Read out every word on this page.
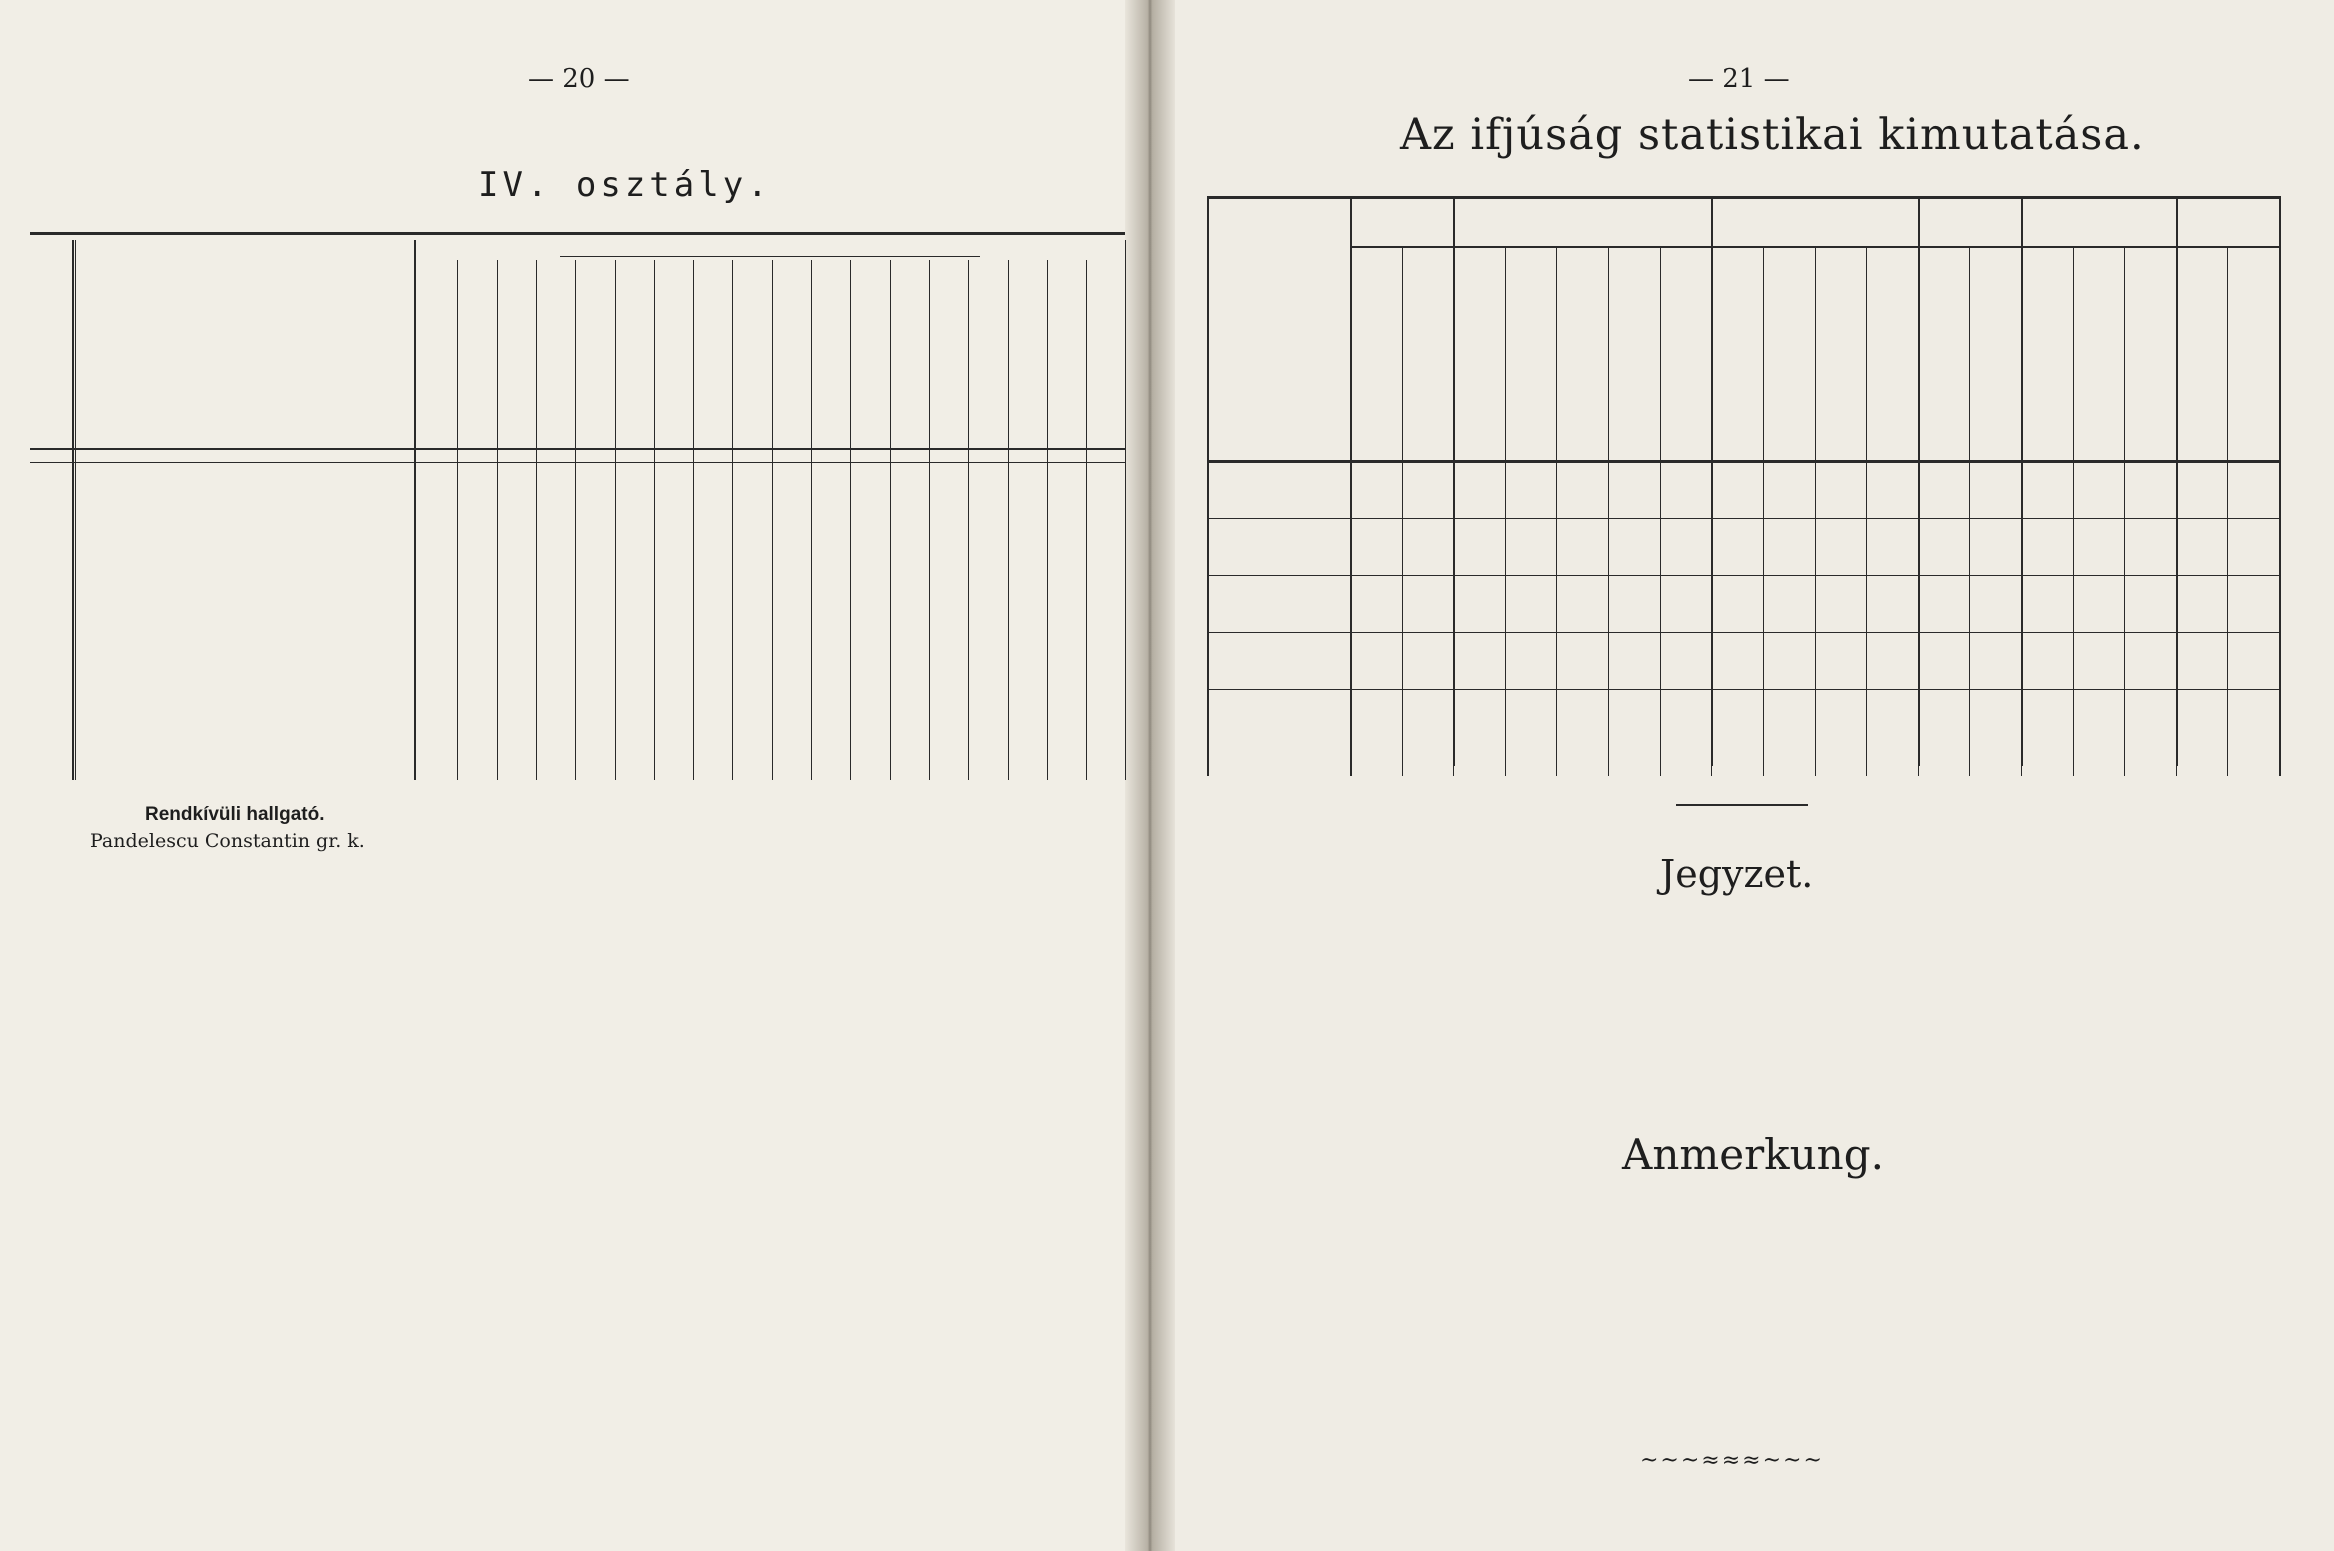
— 20 —
IV. osztály.
Rendkívüli hallgató.
Pandelescu Constantin gr. k.
— 21 —
Az ifjúság statistikai kimutatása.
Jegyzet.
Anmerkung.
~~~≈≈≈~~~
